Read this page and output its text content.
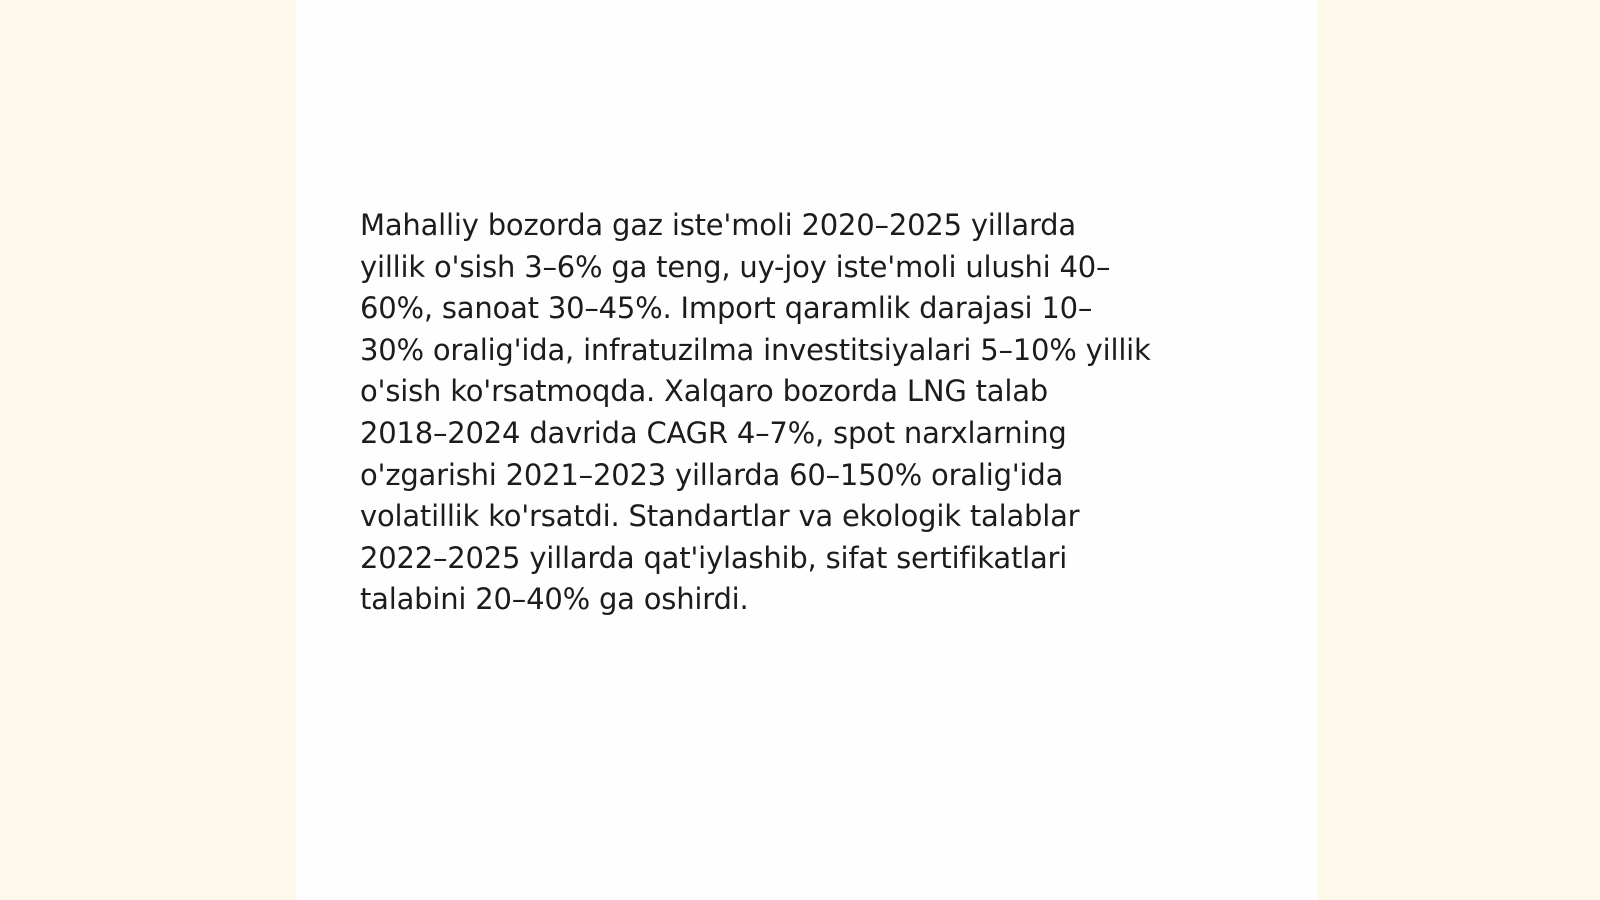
Mahalliy bozorda gaz iste'moli 2020–2025 yillarda
yillik o'sish 3–6% ga teng, uy-joy iste'moli ulushi 40–
60%, sanoat 30–45%. Import qaramlik darajasi 10–
30% oralig'ida, infratuzilma investitsiyalari 5–10% yillik
o'sish ko'rsatmoqda. Xalqaro bozorda LNG talab
2018–2024 davrida CAGR 4–7%, spot narxlarning
o'zgarishi 2021–2023 yillarda 60–150% oralig'ida
volatillik ko'rsatdi. Standartlar va ekologik talablar
2022–2025 yillarda qat'iylashib, sifat sertifikatlari
talabini 20–40% ga oshirdi.
